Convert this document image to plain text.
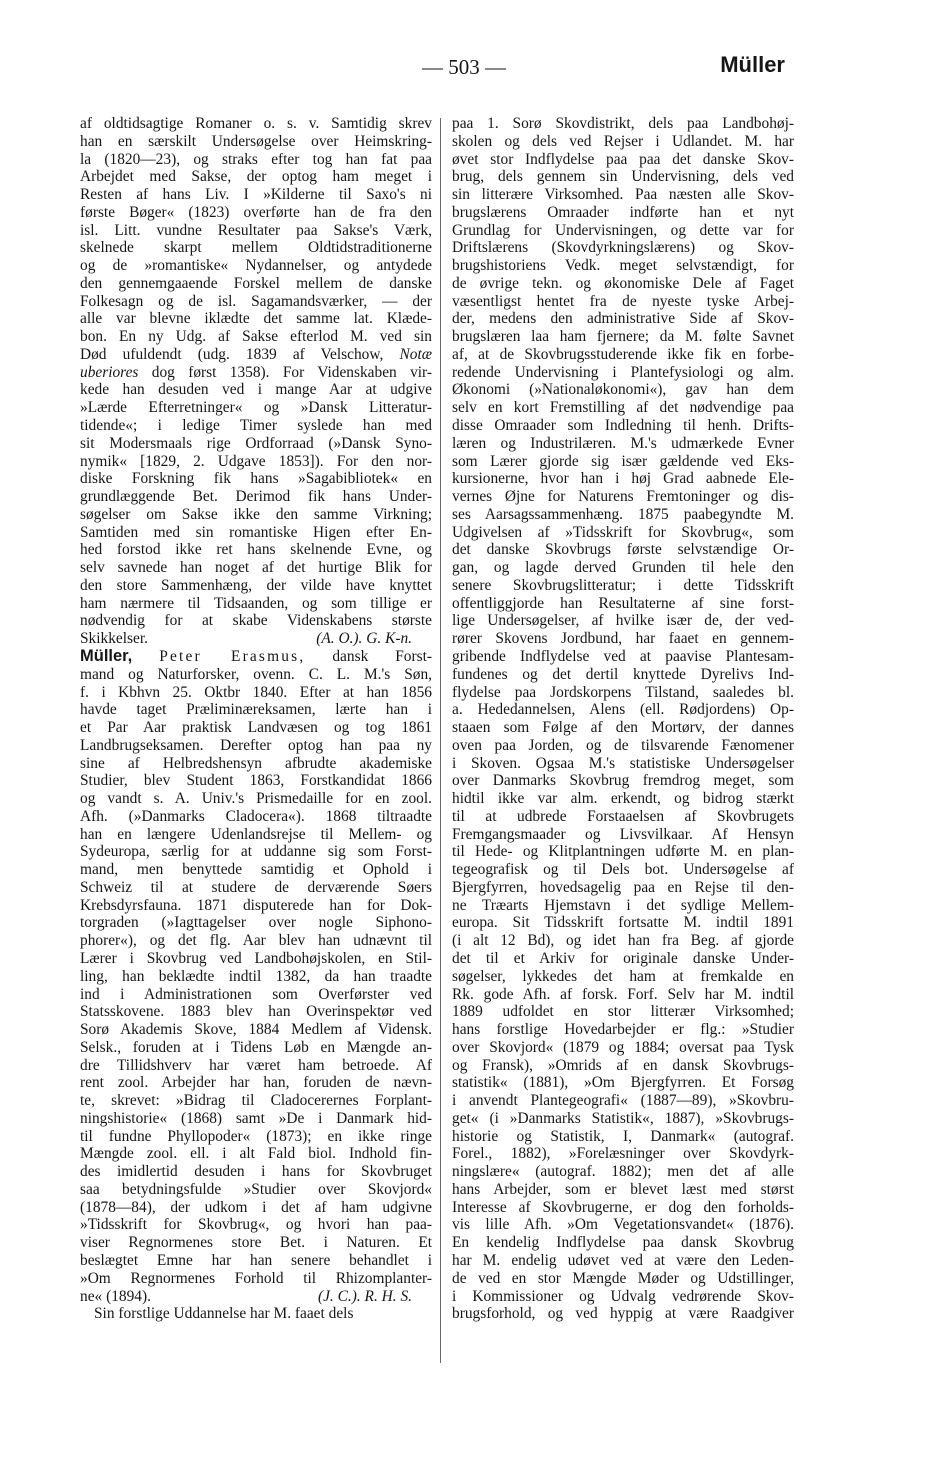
— 503 —	Müller
af oldtidsagtige Romaner o. s. v. Samtidig skrev
han en særskilt Undersøgelse over Heimskring-
la (1820—23), og straks efter tog han fat paa
Arbejdet med Sakse, der optog ham meget i
Resten af hans Liv. I »Kilderne til Saxo's ni
første Bøger« (1823) overførte han de fra den
isl. Litt. vundne Resultater paa Sakse's Værk,
skelnede skarpt mellem Oldtidstraditionerne
og de »romantiske« Nydannelser, og antydede
den gennemgaaende Forskel mellem de danske
Folkesagn og de isl. Sagamandsværker, — der
alle var blevne iklædte det samme lat. Klæde-
bon. En ny Udg. af Sakse efterlod M. ved sin
Død ufuldendt (udg. 1839 af Velschow, Notæ
uberiores dog først 1358). For Videnskaben vir-
kede han desuden ved i mange Aar at udgive
»Lærde Efterretninger« og »Dansk Litteratur-
tidende«; i ledige Timer syslede han med
sit Modersmaals rige Ordforraad (»Dansk Syno-
nymik« [1829, 2. Udgave 1853]). For den nor-
diske Forskning fik hans »Sagabibliotek« en
grundlæggende Bet. Derimod fik hans Under-
søgelser om Sakse ikke den samme Virkning;
Samtiden med sin romantiske Higen efter En-
hed forstod ikke ret hans skelnende Evne, og
selv savnede han noget af det hurtige Blik for
den store Sammenhæng, der vilde have knyttet
ham nærmere til Tidsaanden, og som tillige er
nødvendig for at skabe Videnskabens største
Skikkelser.	(A. O.). G. K-n.
Müller, Peter Erasmus, dansk Forst-
mand og Naturforsker, ovenn. C. L. M.'s Søn,
f. i Kbhvn 25. Oktbr 1840. Efter at han 1856
havde taget Præliminæreksamen, lærte han i
et Par Aar praktisk Landvæsen og tog 1861
Landbrugseksamen. Derefter optog han paa ny
sine af Helbredshensyn afbrudte akademiske
Studier, blev Student 1863, Forstkandidat 1866
og vandt s. A. Univ.'s Prismedaille for en zool.
Afh. (»Danmarks Cladocera«). 1868 tiltraadte
han en længere Udenlandsrejse til Mellem- og
Sydeuropa, særlig for at uddanne sig som Forst-
mand, men benyttede samtidig et Ophold i
Schweiz til at studere de derværende Søers
Krebsdyrsfauna. 1871 disputerede han for Dok-
torgraden (»Iagttagelser over nogle Siphono-
phorer«), og det flg. Aar blev han udnævnt til
Lærer i Skovbrug ved Landbohøjskolen, en Stil-
ling, han beklædte indtil 1382, da han traadte
ind i Administrationen som Overførster ved
Statsskovene. 1883 blev han Overinspektør ved
Sorø Akademis Skove, 1884 Medlem af Vidensk.
Selsk., foruden at i Tidens Løb en Mængde an-
dre Tillidshverv har været ham betroede. Af
rent zool. Arbejder har han, foruden de nævn-
te, skrevet: »Bidrag til Cladocerernes Forplant-
ningshistorie« (1868) samt »De i Danmark hid-
til fundne Phyllopoder« (1873); en ikke ringe
Mængde zool. ell. i alt Fald biol. Indhold fin-
des imidlertid desuden i hans for Skovbruget
saa betydningsfulde »Studier over Skovjord«
(1878—84), der udkom i det af ham udgivne
»Tidsskrift for Skovbrug«, og hvori han paa-
viser Regnormenes store Bet. i Naturen. Et
beslægtet Emne har han senere behandlet i
»Om Regnormenes Forhold til Rhizomplanter-
ne« (1894).	(J. C.). R. H. S.
Sin forstlige Uddannelse har M. faaet dels
paa 1. Sorø Skovdistrikt, dels paa Landbohøj-
skolen og dels ved Rejser i Udlandet. M. har
øvet stor Indflydelse paa paa det danske Skov-
brug, dels gennem sin Undervisning, dels ved
sin litterære Virksomhed. Paa næsten alle Skov-
brugslærens Omraader indførte han et nyt
Grundlag for Undervisningen, og dette var for
Driftslærens (Skovdyrkningslærens) og Skov-
brugshistoriens Vedk. meget selvstændigt, for
de øvrige tekn. og økonomiske Dele af Faget
væsentligst hentet fra de nyeste tyske Arbej-
der, medens den administrative Side af Skov-
brugslæren laa ham fjernere; da M. følte Savnet
af, at de Skovbrugsstuderende ikke fik en forbe-
redende Undervisning i Plantefysiologi og alm.
Økonomi (»Nationaløkonomi«), gav han dem
selv en kort Fremstilling af det nødvendige paa
disse Omraader som Indledning til henh. Drifts-
læren og Industrilæren. M.'s udmærkede Evner
som Lærer gjorde sig især gældende ved Eks-
kursionerne, hvor han i høj Grad aabnede Ele-
vernes Øjne for Naturens Fremtoninger og dis-
ses Aarsagssammenhæng. 1875 paabegyndte M.
Udgivelsen af »Tidsskrift for Skovbrug«, som
det danske Skovbrugs første selvstændige Or-
gan, og lagde derved Grunden til hele den
senere Skovbrugslitteratur; i dette Tidsskrift
offentliggjorde han Resultaterne af sine forst-
lige Undersøgelser, af hvilke især de, der ved-
rører Skovens Jordbund, har faaet en gennem-
gribende Indflydelse ved at paavise Plantesam-
fundenes og det dertil knyttede Dyrelivs Ind-
flydelse paa Jordskorpens Tilstand, saaledes bl.
a. Hededannelsen, Alens (ell. Rødjordens) Op-
staaen som Følge af den Mortørv, der dannes
oven paa Jorden, og de tilsvarende Fænomener
i Skoven. Ogsaa M.'s statistiske Undersøgelser
over Danmarks Skovbrug fremdrog meget, som
hidtil ikke var alm. erkendt, og bidrog stærkt
til at udbrede Forstaaelsen af Skovbrugets
Fremgangsmaader og Livsvilkaar. Af Hensyn
til Hede- og Klitplantningen udførte M. en plan-
tegeografisk og til Dels bot. Undersøgelse af
Bjergfyrren, hovedsagelig paa en Rejse til den-
ne Træarts Hjemstavn i det sydlige Mellem-
europa. Sit Tidsskrift fortsatte M. indtil 1891
(i alt 12 Bd), og idet han fra Beg. af gjorde
det til et Arkiv for originale danske Under-
søgelser, lykkedes det ham at fremkalde en
Rk. gode Afh. af forsk. Forf. Selv har M. indtil
1889 udfoldet en stor litterær Virksomhed;
hans forstlige Hovedarbejder er flg.: »Studier
over Skovjord« (1879 og 1884; oversat paa Tysk
og Fransk), »Omrids af en dansk Skovbrugs-
statistik« (1881), »Om Bjergfyrren. Et Forsøg
i anvendt Plantegeografi« (1887—89), »Skovbru-
get« (i »Danmarks Statistik«, 1887), »Skovbrugs-
historie og Statistik, I, Danmark« (autograf.
Forel., 1882), »Forelæsninger over Skovdyrk-
ningslære« (autograf. 1882); men det af alle
hans Arbejder, som er blevet læst med størst
Interesse af Skovbrugerne, er dog den forholds-
vis lille Afh. »Om Vegetationsvandet« (1876).
En kendelig Indflydelse paa dansk Skovbrug
har M. endelig udøvet ved at være den Leden-
de ved en stor Mængde Møder og Udstillinger,
i Kommissioner og Udvalg vedrørende Skov-
brugsforhold, og ved hyppig at være Raadgiver
